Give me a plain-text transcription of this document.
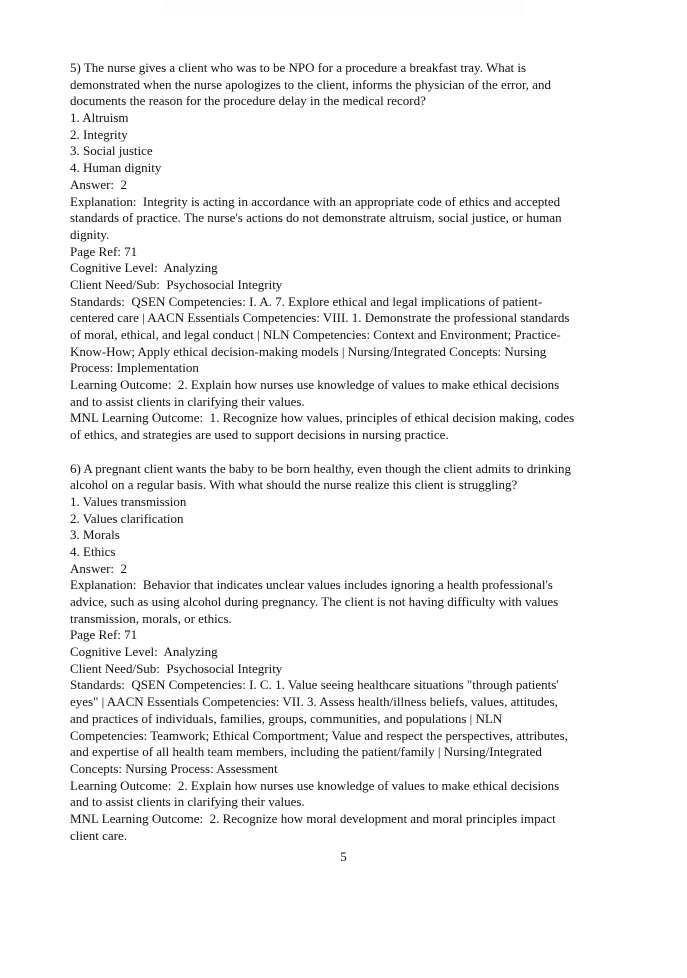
5) The nurse gives a client who was to be NPO for a procedure a breakfast tray. What is
demonstrated when the nurse apologizes to the client, informs the physician of the error, and
documents the reason for the procedure delay in the medical record?
1. Altruism
2. Integrity
3. Social justice
4. Human dignity
Answer:  2
Explanation:  Integrity is acting in accordance with an appropriate code of ethics and accepted
standards of practice. The nurse's actions do not demonstrate altruism, social justice, or human
dignity.
Page Ref: 71
Cognitive Level:  Analyzing
Client Need/Sub:  Psychosocial Integrity
Standards:  QSEN Competencies: I. A. 7. Explore ethical and legal implications of patient-
centered care | AACN Essentials Competencies: VIII. 1. Demonstrate the professional standards
of moral, ethical, and legal conduct | NLN Competencies: Context and Environment; Practice-
Know-How; Apply ethical decision-making models | Nursing/Integrated Concepts: Nursing
Process: Implementation
Learning Outcome:  2. Explain how nurses use knowledge of values to make ethical decisions
and to assist clients in clarifying their values.
MNL Learning Outcome:  1. Recognize how values, principles of ethical decision making, codes
of ethics, and strategies are used to support decisions in nursing practice.

6) A pregnant client wants the baby to be born healthy, even though the client admits to drinking
alcohol on a regular basis. With what should the nurse realize this client is struggling?
1. Values transmission
2. Values clarification
3. Morals
4. Ethics
Answer:  2
Explanation:  Behavior that indicates unclear values includes ignoring a health professional's
advice, such as using alcohol during pregnancy. The client is not having difficulty with values
transmission, morals, or ethics.
Page Ref: 71
Cognitive Level:  Analyzing
Client Need/Sub:  Psychosocial Integrity
Standards:  QSEN Competencies: I. C. 1. Value seeing healthcare situations "through patients'
eyes" | AACN Essentials Competencies: VII. 3. Assess health/illness beliefs, values, attitudes,
and practices of individuals, families, groups, communities, and populations | NLN
Competencies: Teamwork; Ethical Comportment; Value and respect the perspectives, attributes,
and expertise of all health team members, including the patient/family | Nursing/Integrated
Concepts: Nursing Process: Assessment
Learning Outcome:  2. Explain how nurses use knowledge of values to make ethical decisions
and to assist clients in clarifying their values.
MNL Learning Outcome:  2. Recognize how moral development and moral principles impact
client care.
5
